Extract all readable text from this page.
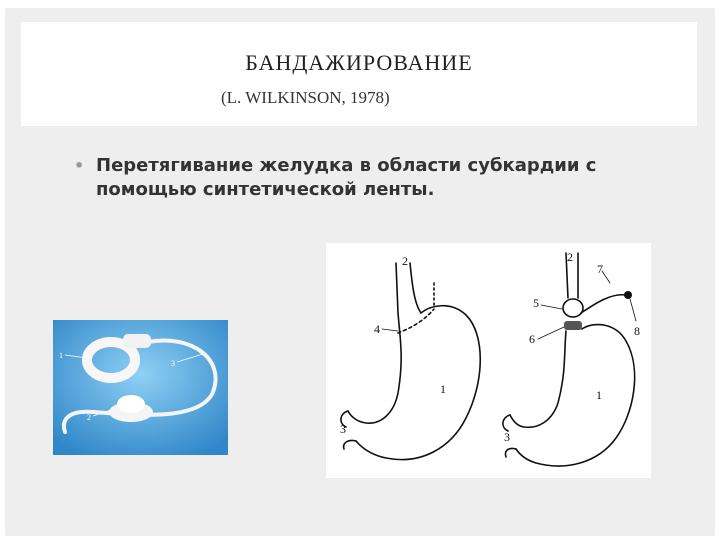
БАНДАЖИРОВАНИЕ
(L. WILKINSON, 1978)
• Перетягивание желудка в области субкардии с помощью синтетической ленты.
1
3
2
2
4
1
3
2
7
5
6
8
1
3
